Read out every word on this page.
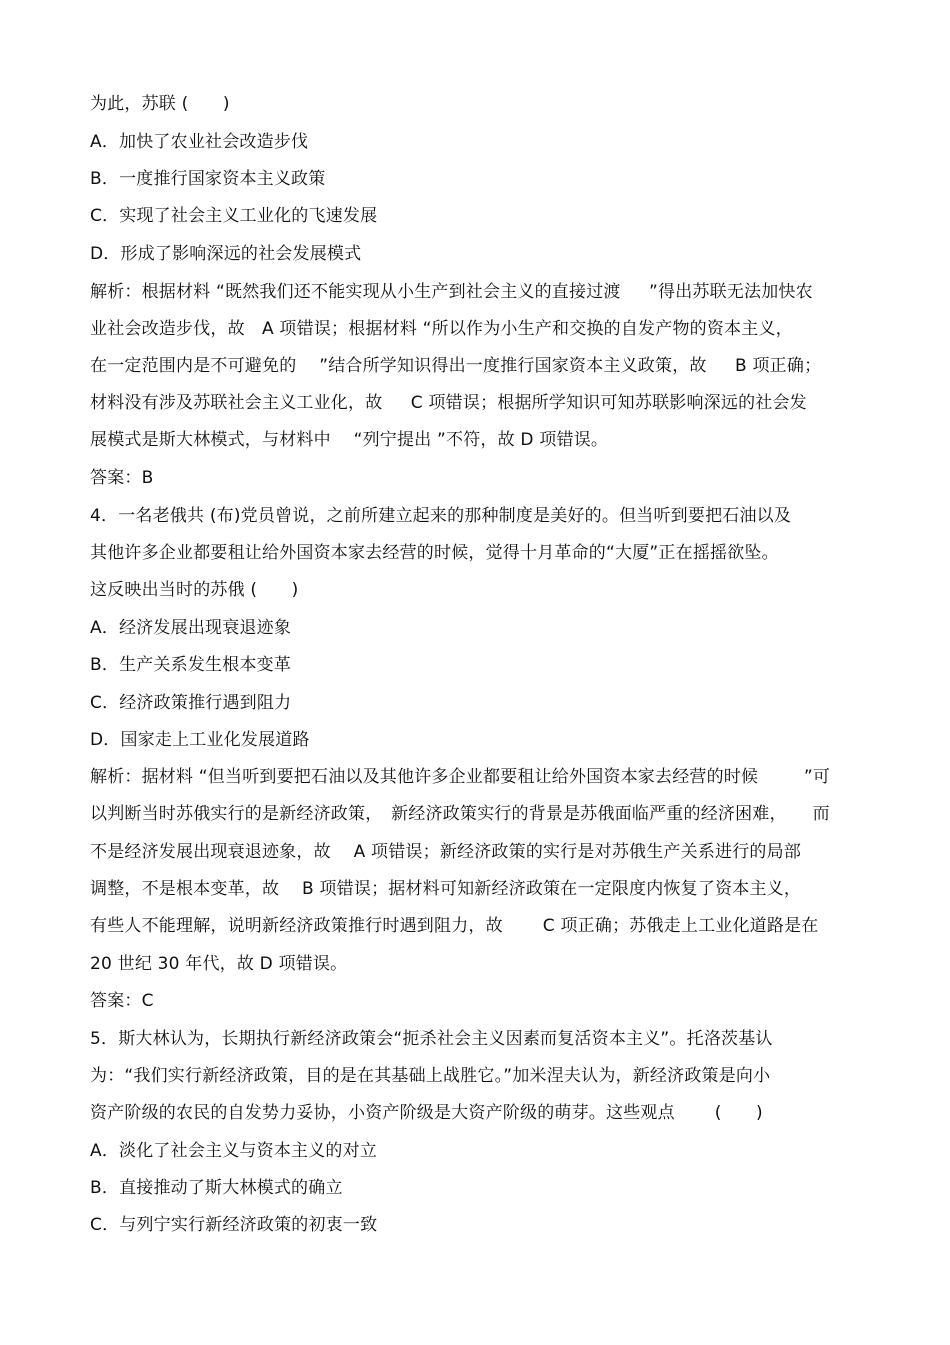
为此，苏联 (　　)
A．加快了农业社会改造步伐
B．一度推行国家资本主义政策
C．实现了社会主义工业化的飞速发展
D．形成了影响深远的社会发展模式
解析：根据材料 “既然我们还不能实现从小生产到社会主义的直接过渡 　 ”得出苏联无法加快农
业社会改造步伐，故　A 项错误；根据材料 “所以作为小生产和交换的自发产物的资本主义，
在一定范围内是不可避免的 　”结合所学知识得出一度推行国家资本主义政策，故 　 B 项正确；
材料没有涉及苏联社会主义工业化，故 　 C 项错误；根据所学知识可知苏联影响深远的社会发
展模式是斯大林模式，与材料中 　“列宁提出 ”不符，故 D 项错误。
答案：B
4．一名老俄共 (布)党员曾说，之前所建立起来的那种制度是美好的。但当听到要把石油以及
其他许多企业都要租让给外国资本家去经营的时候，觉得十月革命的“大厦”正在摇摇欲坠。
这反映出当时的苏俄 (　　)
A．经济发展出现衰退迹象
B．生产关系发生根本变革
C．经济政策推行遇到阻力
D．国家走上工业化发展道路
解析：据材料 “但当听到要把石油以及其他许多企业都要租让给外国资本家去经营的时候 　　 ”可
以判断当时苏俄实行的是新经济政策，　新经济政策实行的背景是苏俄面临严重的经济困难，　　而
不是经济发展出现衰退迹象，故 　A 项错误；新经济政策的实行是对苏俄生产关系进行的局部
调整，不是根本变革，故 　B 项错误；据材料可知新经济政策在一定限度内恢复了资本主义，
有些人不能理解，说明新经济政策推行时遇到阻力，故 　　C 项正确；苏俄走上工业化道路是在
20 世纪 30 年代，故 D 项错误。
答案：C
5．斯大林认为，长期执行新经济政策会“扼杀社会主义因素而复活资本主义”。托洛茨基认
为：“我们实行新经济政策，目的是在其基础上战胜它。”加米涅夫认为，新经济政策是向小
资产阶级的农民的自发势力妥协，小资产阶级是大资产阶级的萌芽。这些观点 　　(　　)
A．淡化了社会主义与资本主义的对立
B．直接推动了斯大林模式的确立
C．与列宁实行新经济政策的初衷一致
